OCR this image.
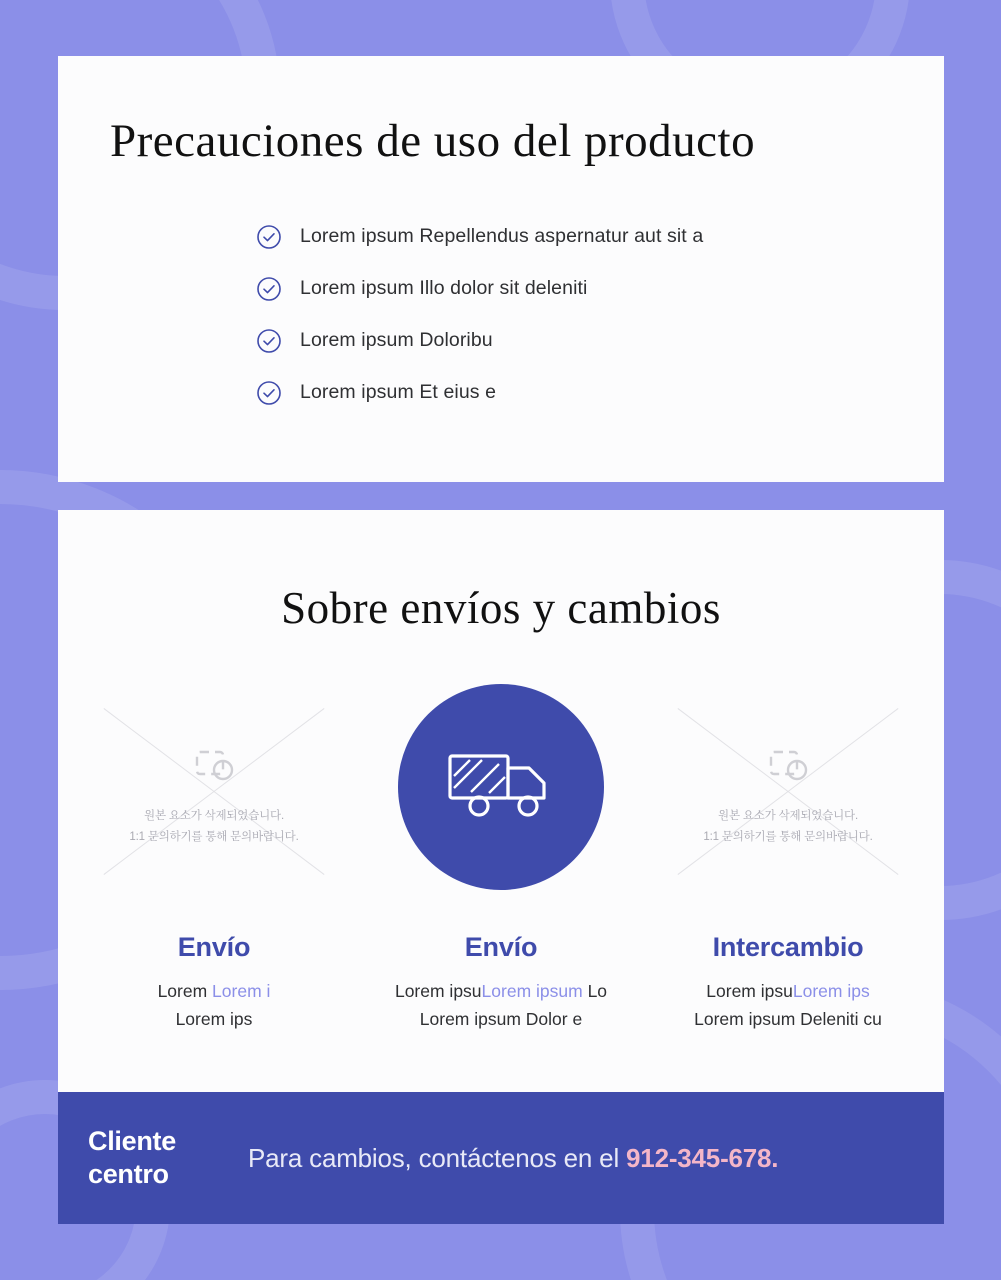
Precauciones de uso del producto
Lorem ipsum Repellendus aspernatur aut sit a
Lorem ipsum Illo dolor sit deleniti
Lorem ipsum Doloribu
Lorem ipsum Et eius e
Sobre envíos y cambios
원본 요소가 삭제되었습니다.
1:1 문의하기를 통해 문의바랍니다.
Envío
Lorem Lorem i
Lorem ips
Envío
Lorem ipsuLorem ipsum Lo
Lorem ipsum Dolor e
원본 요소가 삭제되었습니다.
1:1 문의하기를 통해 문의바랍니다.
Intercambio
Lorem ipsuLorem ips
Lorem ipsum Deleniti cu
Cliente
centro
Para cambios, contáctenos en el 912-345-678.
